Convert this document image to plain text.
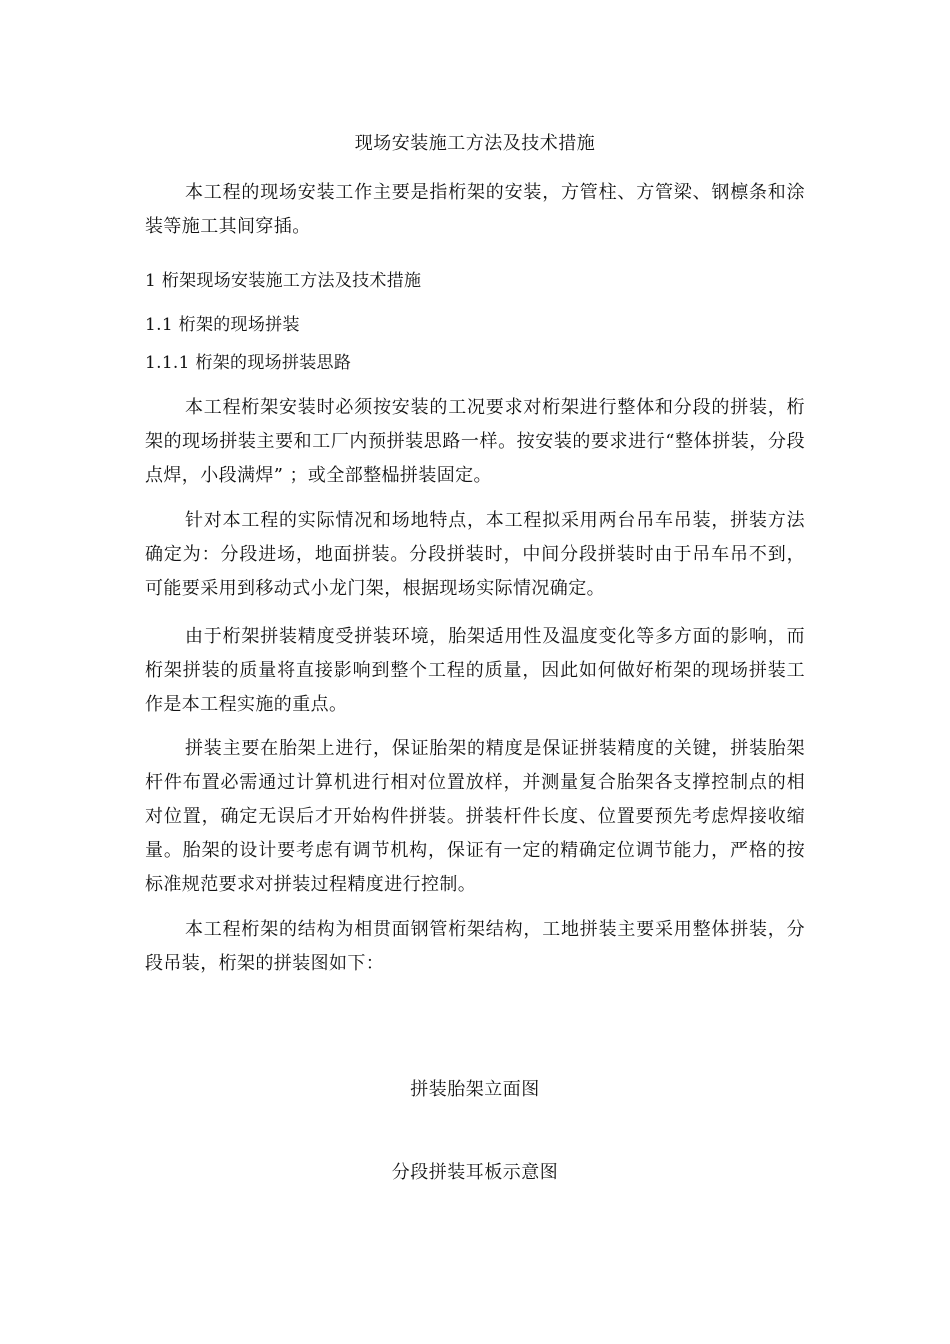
现场安装施工方法及技术措施
本工程的现场安装工作主要是指桁架的安装，方管柱、方管梁、钢檩条和涂装等施工其间穿插。
1 桁架现场安装施工方法及技术措施
1.1 桁架的现场拼装
1.1.1 桁架的现场拼装思路
本工程桁架安装时必须按安装的工况要求对桁架进行整体和分段的拼装，桁架的现场拼装主要和工厂内预拼装思路一样。按安装的要求进行“整体拼装，分段点焊，小段满焊” ；或全部整榀拼装固定。
针对本工程的实际情况和场地特点，本工程拟采用两台吊车吊装，拼装方法确定为：分段进场，地面拼装。分段拼装时，中间分段拼装时由于吊车吊不到，可能要采用到移动式小龙门架，根据现场实际情况确定。
由于桁架拼装精度受拼装环境，胎架适用性及温度变化等多方面的影响，而桁架拼装的质量将直接影响到整个工程的质量，因此如何做好桁架的现场拼装工作是本工程实施的重点。
拼装主要在胎架上进行，保证胎架的精度是保证拼装精度的关键，拼装胎架杆件布置必需通过计算机进行相对位置放样，并测量复合胎架各支撑控制点的相对位置，确定无误后才开始构件拼装。拼装杆件长度、位置要预先考虑焊接收缩量。胎架的设计要考虑有调节机构，保证有一定的精确定位调节能力，严格的按标准规范要求对拼装过程精度进行控制。
本工程桁架的结构为相贯面钢管桁架结构，工地拼装主要采用整体拼装，分段吊装，桁架的拼装图如下：
拼装胎架立面图
分段拼装耳板示意图
